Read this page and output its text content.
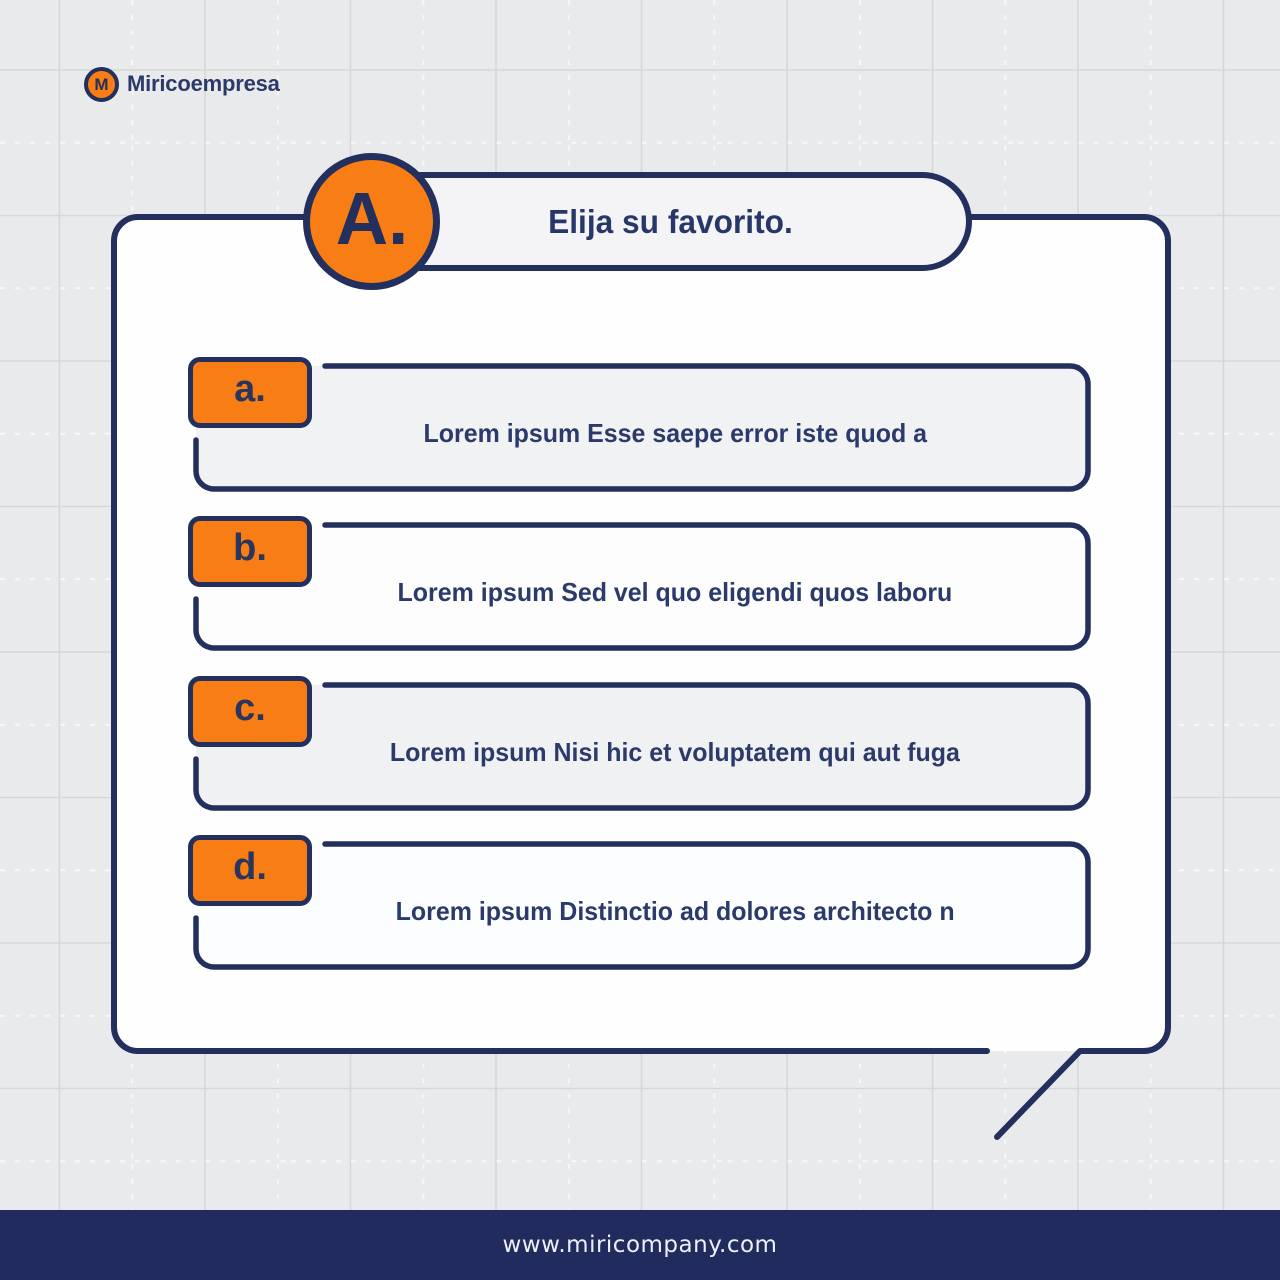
M Miricoempresa
Elija su favorito.
A.
a.
Lorem ipsum Esse saepe error iste quod a
b.
Lorem ipsum Sed vel quo eligendi quos laboru
c.
Lorem ipsum Nisi hic et voluptatem qui aut fuga
d.
Lorem ipsum Distinctio ad dolores architecto n
www.miricompany.com
